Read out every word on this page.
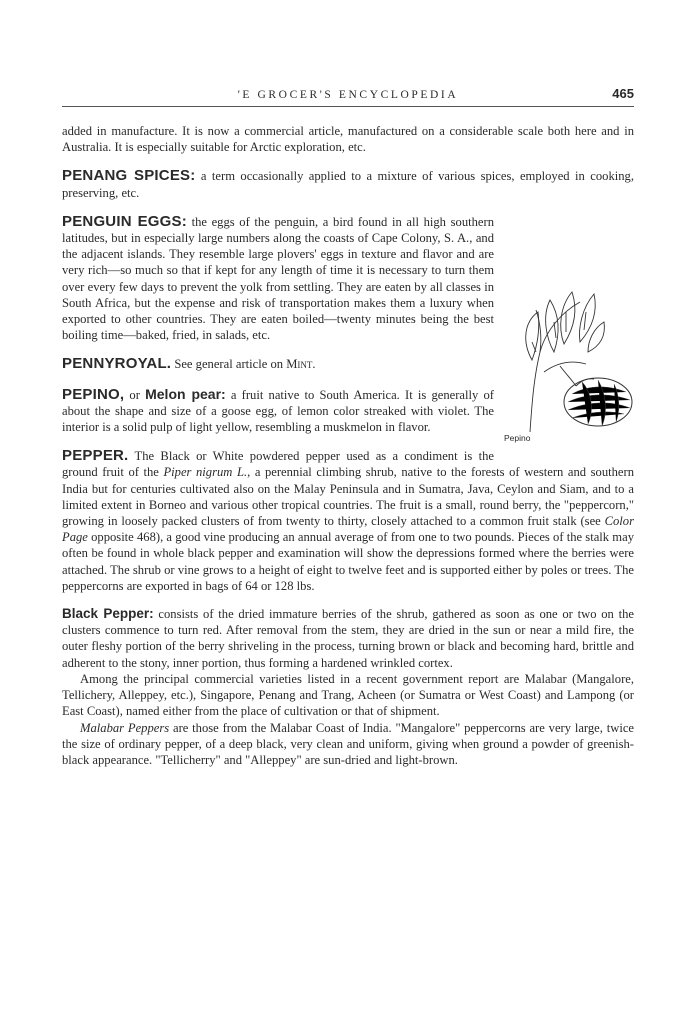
'E GROCER'S ENCYCLOPEDIA	465

added in manufacture. It is now a commercial article, manufactured on a considerable scale both here and in Australia. It is especially suitable for Arctic exploration, etc.

PENANG SPICES: a term occasionally applied to a mixture of various spices, employed in cooking, preserving, etc.

Pepino
PENGUIN EGGS: the eggs of the penguin, a bird found in all high southern latitudes, but in especially large numbers along the coasts of Cape Colony, S. A., and the adjacent islands. They resemble large plovers' eggs in texture and flavor and are very rich—so much so that if kept for any length of time it is necessary to turn them over every few days to prevent the yolk from settling. They are eaten by all classes in South Africa, but the expense and risk of transportation makes them a luxury when exported to other countries. They are eaten boiled—twenty minutes being the best boiling time—baked, fried, in salads, etc.

PENNYROYAL. See general article on Mint.

PEPINO, or Melon pear: a fruit native to South America. It is generally of about the shape and size of a goose egg, of lemon color streaked with violet. The interior is a solid pulp of light yellow, resembling a muskmelon in flavor.

PEPPER. The Black or White powdered pepper used as a condiment is the ground fruit of the Piper nigrum L., a perennial climbing shrub, native to the forests of western and southern India but for centuries cultivated also on the Malay Peninsula and in Sumatra, Java, Ceylon and Siam, and to a limited extent in Borneo and various other tropical countries. The fruit is a small, round berry, the "peppercorn," growing in loosely packed clusters of from twenty to thirty, closely attached to a common fruit stalk (see Color Page opposite 468), a good vine producing an annual average of from one to two pounds. Pieces of the stalk may often be found in whole black pepper and examination will show the depressions formed where the berries were attached. The shrub or vine grows to a height of eight to twelve feet and is supported either by poles or trees. The peppercorns are exported in bags of 64 or 128 lbs.

Black Pepper: consists of the dried immature berries of the shrub, gathered as soon as one or two on the clusters commence to turn red. After removal from the stem, they are dried in the sun or near a mild fire, the outer fleshy portion of the berry shriveling in the process, turning brown or black and becoming hard, brittle and adherent to the stony, inner portion, thus forming a hardened wrinkled cortex.

Among the principal commercial varieties listed in a recent government report are Malabar (Mangalore, Tellichery, Alleppey, etc.), Singapore, Penang and Trang, Acheen (or Sumatra or West Coast) and Lampong (or East Coast), named either from the place of cultivation or that of shipment.

Malabar Peppers are those from the Malabar Coast of India. "Mangalore" peppercorns are very large, twice the size of ordinary pepper, of a deep black, very clean and uniform, giving when ground a powder of greenish-black appearance. "Tellicherry" and "Alleppey" are sun-dried and light-brown.
